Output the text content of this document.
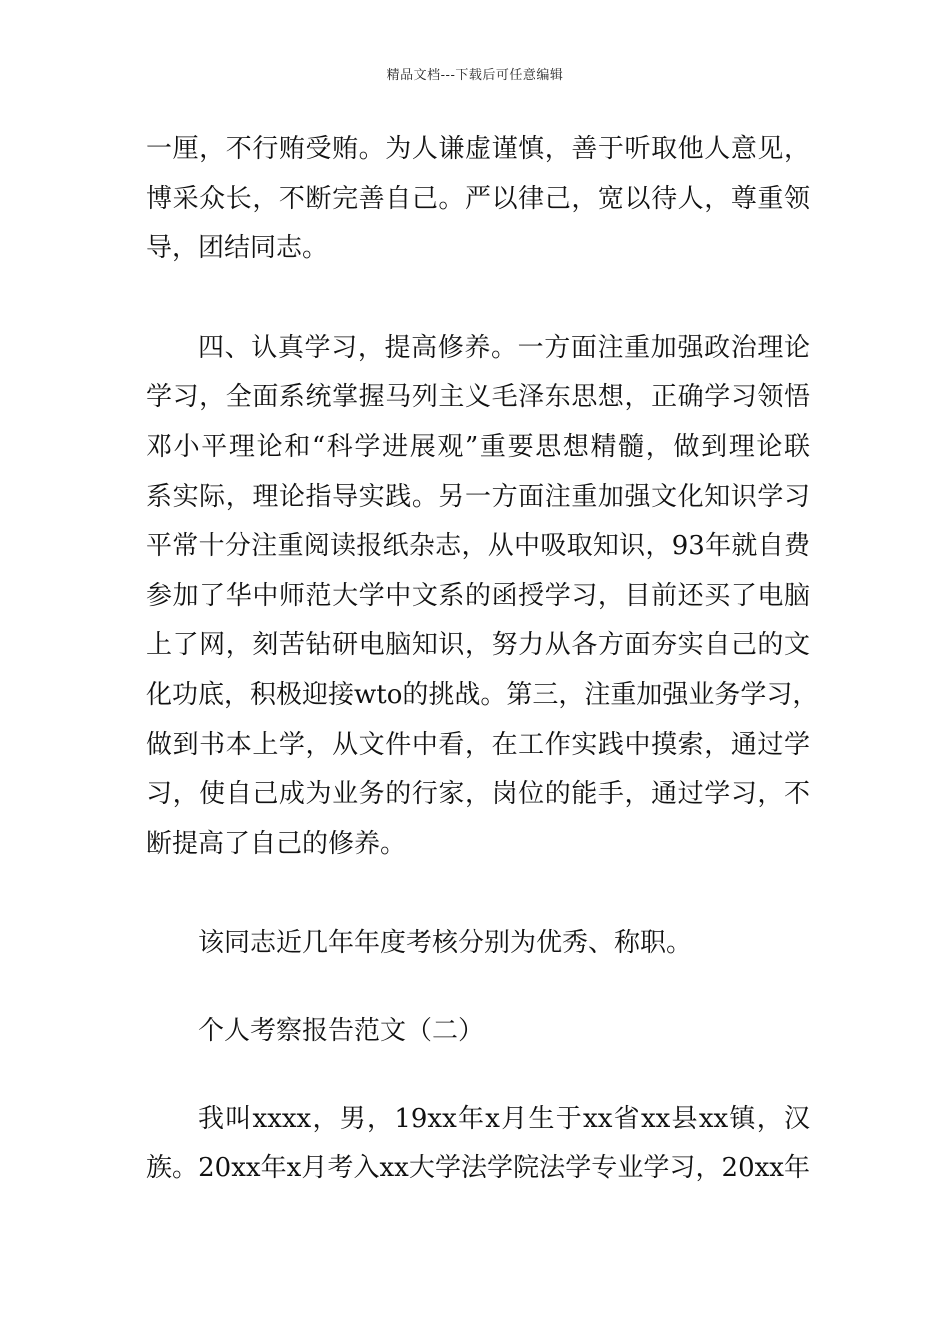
精品文档---下载后可任意编辑
一厘，不行贿受贿。为人谦虚谨慎，善于听取他人意见，
博采众长，不断完善自己。严以律己，宽以待人，尊重领
导，团结同志。
四、认真学习，提高修养。一方面注重加强政治理论
学习，全面系统掌握马列主义毛泽东思想，正确学习领悟
邓小平理论和“科学进展观”重要思想精髓，做到理论联
系实际，理论指导实践。另一方面注重加强文化知识学习
平常十分注重阅读报纸杂志，从中吸取知识，93年就自费
参加了华中师范大学中文系的函授学习，目前还买了电脑
上了网，刻苦钻研电脑知识，努力从各方面夯实自己的文
化功底，积极迎接wto的挑战。第三，注重加强业务学习，
做到书本上学，从文件中看，在工作实践中摸索，通过学
习，使自己成为业务的行家，岗位的能手，通过学习，不
断提高了自己的修养。
该同志近几年年度考核分别为优秀、称职。
个人考察报告范文（二）
我叫xxxx，男，19xx年x月生于xx省xx县xx镇，汉
族。20xx年x月考入xx大学法学院法学专业学习，20xx年
